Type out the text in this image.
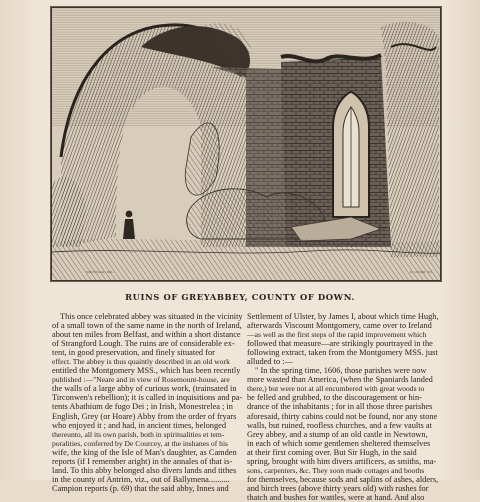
MONTAGUE, DEL.	S. LOVER, SC.
RUINS OF GREYABBEY, COUNTY OF DOWN.
This once celebrated abbey was situated in the vicinity
of a small town of the same name in the north of Ireland,
about ten miles from Belfast, and within a short distance
of Strangford Lough. The ruins are of considerable ex-
tent, in good preservation, and finely situated for
effect. The abbey is thus quaintly described in an old work
entitled the Montgomery MSS., which has been recently
published :—"Neare and in view of Rosemount-house, are
the walls of a large abby of curious work, (trainsated in
Tirconwen's rebellion); it is called in inquisitions and pa-
tents Abathium de fugo Dei ; in Irish, Monestrelea ; in
English, Grey (or Hoare) Abby from the order of fryars
who enjoyed it ; and had, in ancient times, belonged
thereunto, all its own parish, both in spiritualities et tem-
poralities, conferred by De Courcey, at the inshanes of his
wife, the king of the Isle of Man's daughter, as Camden
reports (if I remember aright) in the annales of that is-
land. To this abby belonged also divers lands and tithes
in the county of Antrim, viz., out of Ballymena..........
Campion reports (p. 69) that the said abby, Innes and
Settlement of Ulster, by James I, about which time Hugh,
afterwards Viscount Montgomery, came over to Ireland
—as well as the first steps of the rapid improvement which
followed that measure—are strikingly pourtrayed in the
following extract, taken from the Montgomery MSS. just
alluded to :—
" In the spring time, 1606, those parishes were now
more wasted than America, (when the Spaniards landed
there,) but were not at all encumbered with great woods to
be felled and grubbed, to the discouragement or hin-
drance of the inhabitants ; for in all those three parishes
aforesaid, thirty cabins could not be found, nor any stone
walls, but ruined, roofless churches, and a few vaults at
Grey abbey, and a stump of an old castle in Newtown,
in each of which some gentlemen sheltered themselves
at their first coming over. But Sir Hugh, in the said
spring, brought with him divers artificers, as smiths, ma-
sons, carpenters, &c. They soon made cottages and booths
for themselves, because sods and saplins of ashes, alders,
and birch trees (above thirty years old) with rushes for
thatch and bushes for wattles, were at hand. And also
